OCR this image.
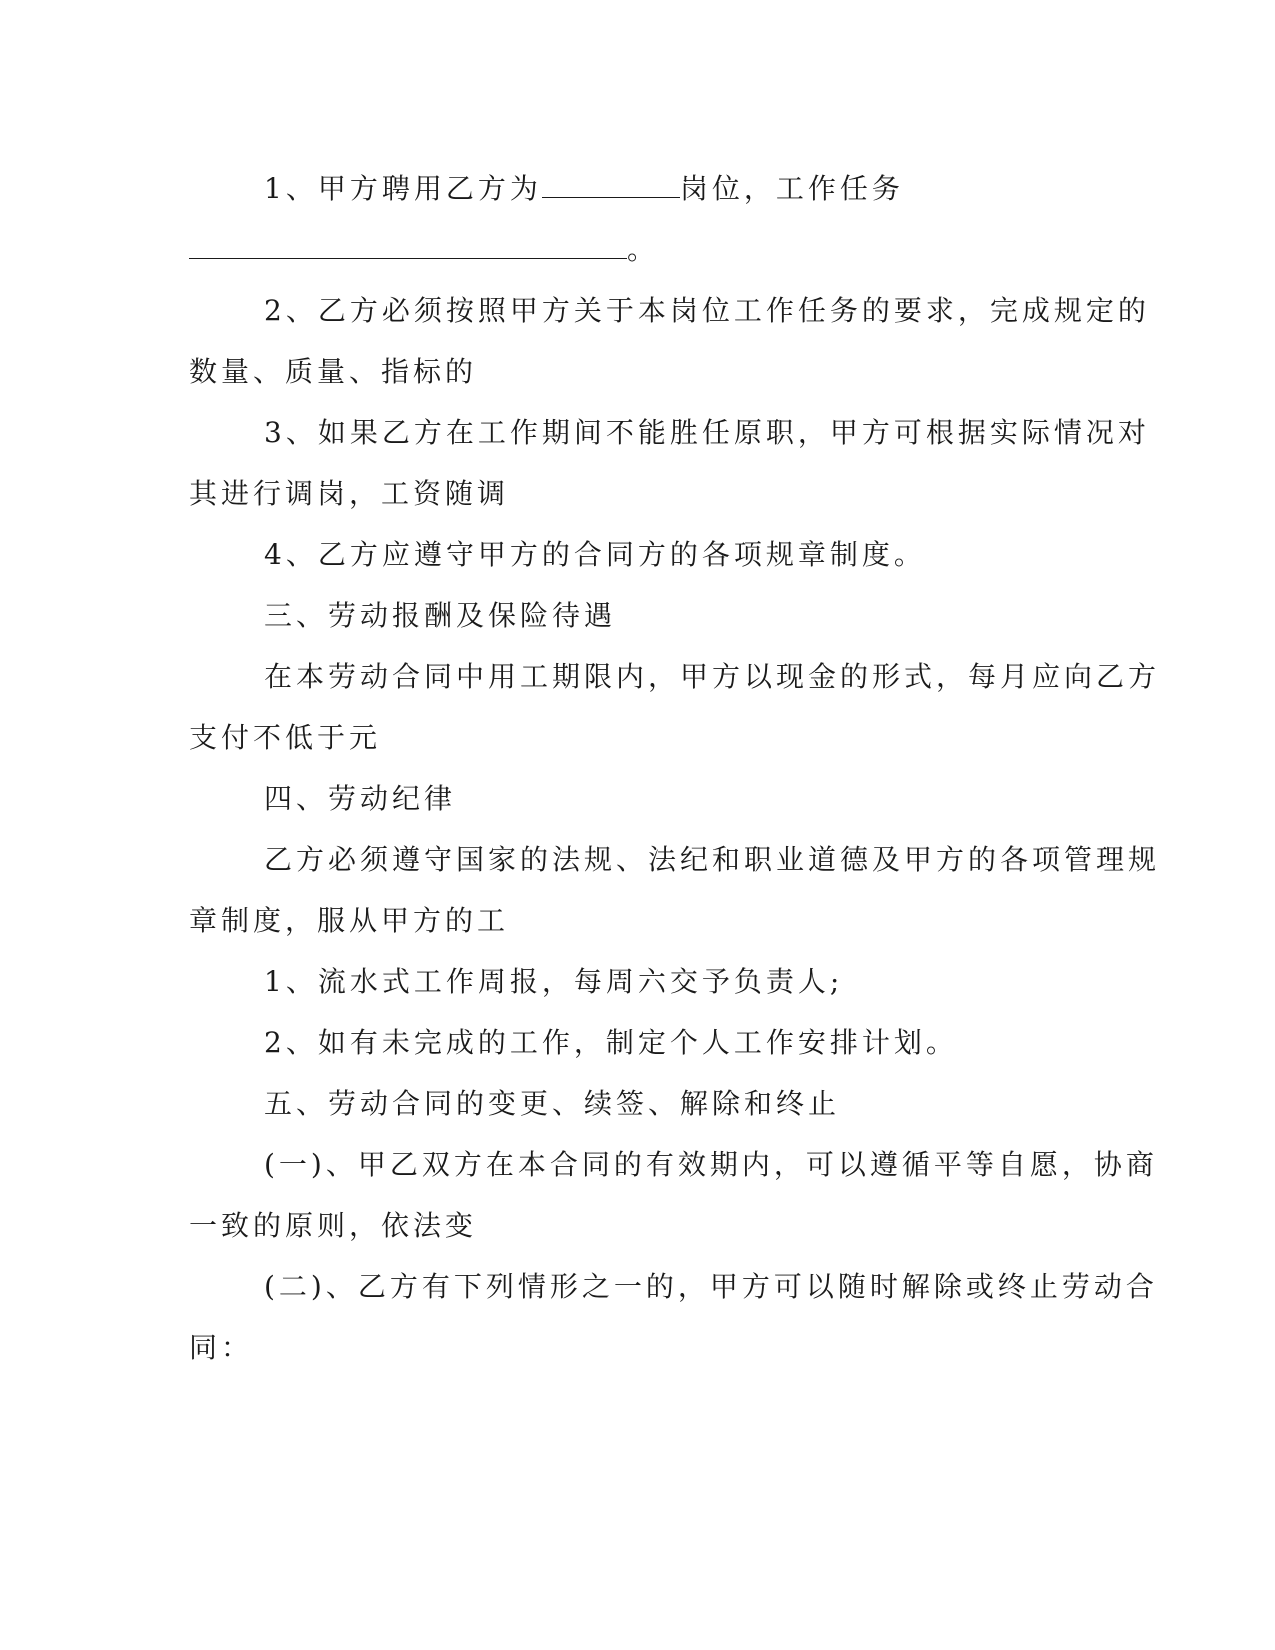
1、甲方聘用乙方为	岗位，工作任务

。

2、乙方必须按照甲方关于本岗位工作任务的要求，完成规定的

数量、质量、指标的

3、如果乙方在工作期间不能胜任原职，甲方可根据实际情况对

其进行调岗，工资随调

4、乙方应遵守甲方的合同方的各项规章制度。

三、劳动报酬及保险待遇

在本劳动合同中用工期限内，甲方以现金的形式，每月应向乙方

支付不低于元

四、劳动纪律

乙方必须遵守国家的法规、法纪和职业道德及甲方的各项管理规

章制度，服从甲方的工

1、流水式工作周报，每周六交予负责人;

2、如有未完成的工作，制定个人工作安排计划。

五、劳动合同的变更、续签、解除和终止

(一)、甲乙双方在本合同的有效期内，可以遵循平等自愿，协商

一致的原则，依法变

(二)、乙方有下列情形之一的，甲方可以随时解除或终止劳动合

同：
